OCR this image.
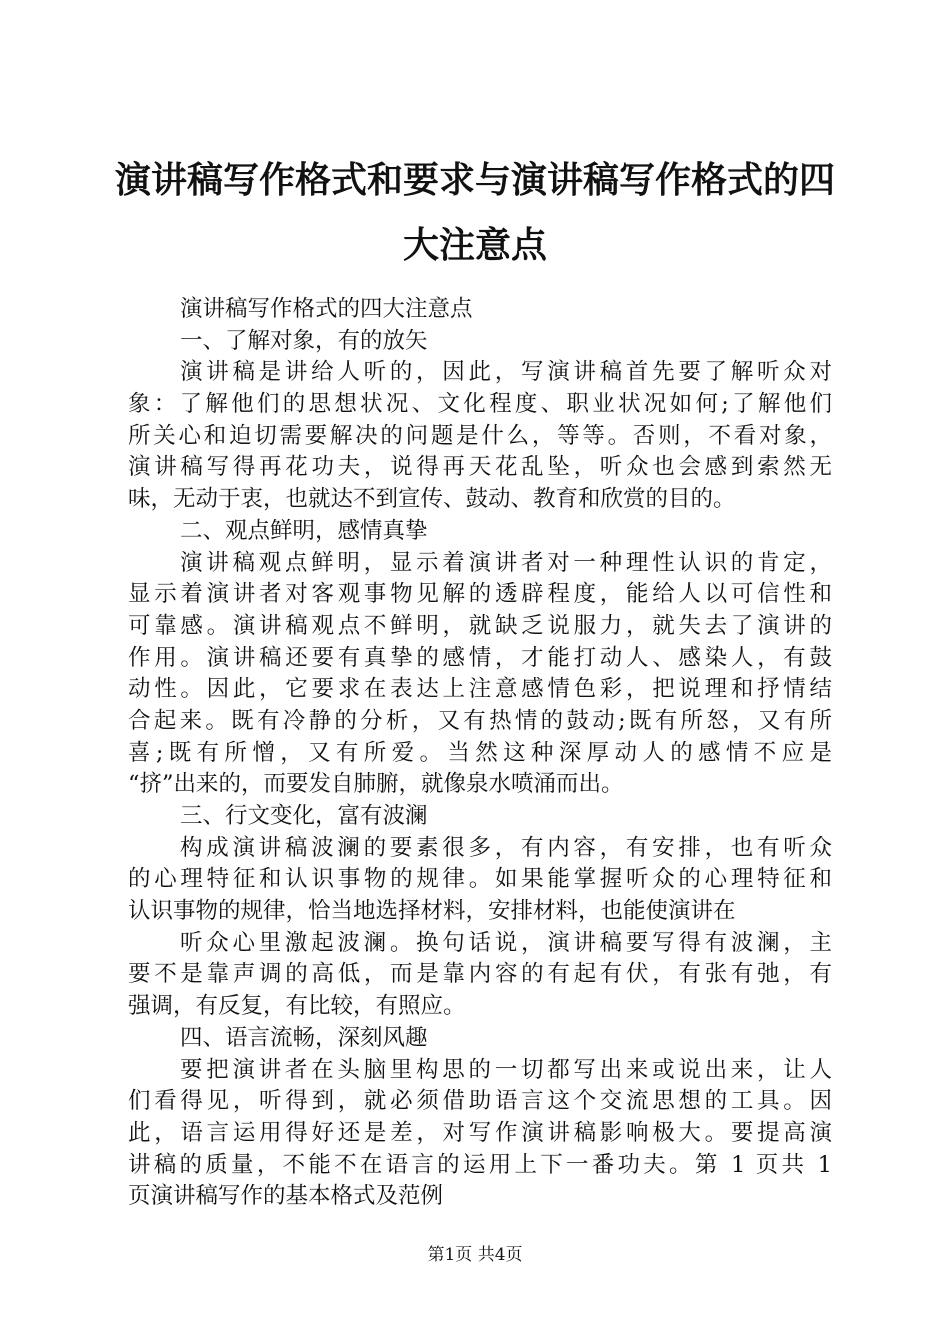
演讲稿写作格式和要求与演讲稿写作格式的四
大注意点
演讲稿写作格式的四大注意点
一、了解对象，有的放矢
演讲稿是讲给人听的，因此，写演讲稿首先要了解听众对
象：了解他们的思想状况、文化程度、职业状况如何;了解他们
所关心和迫切需要解决的问题是什么，等等。否则，不看对象，
演讲稿写得再花功夫，说得再天花乱坠，听众也会感到索然无
味，无动于衷，也就达不到宣传、鼓动、教育和欣赏的目的。
二、观点鲜明，感情真挚
演讲稿观点鲜明，显示着演讲者对一种理性认识的肯定，
显示着演讲者对客观事物见解的透辟程度，能给人以可信性和
可靠感。演讲稿观点不鲜明，就缺乏说服力，就失去了演讲的
作用。演讲稿还要有真挚的感情，才能打动人、感染人，有鼓
动性。因此，它要求在表达上注意感情色彩，把说理和抒情结
合起来。既有冷静的分析，又有热情的鼓动;既有所怒，又有所
喜;既有所憎，又有所爱。当然这种深厚动人的感情不应是
“挤”出来的，而要发自肺腑，就像泉水喷涌而出。
三、行文变化，富有波澜
构成演讲稿波澜的要素很多，有内容，有安排，也有听众
的心理特征和认识事物的规律。如果能掌握听众的心理特征和
认识事物的规律，恰当地选择材料，安排材料，也能使演讲在
听众心里激起波澜。换句话说，演讲稿要写得有波澜，主
要不是靠声调的高低，而是靠内容的有起有伏，有张有弛，有
强调，有反复，有比较，有照应。
四、语言流畅，深刻风趣
要把演讲者在头脑里构思的一切都写出来或说出来，让人
们看得见，听得到，就必须借助语言这个交流思想的工具。因
此，语言运用得好还是差，对写作演讲稿影响极大。要提高演
讲稿的质量，不能不在语言的运用上下一番功夫。第 1 页共 1
页演讲稿写作的基本格式及范例
第1页 共4页
